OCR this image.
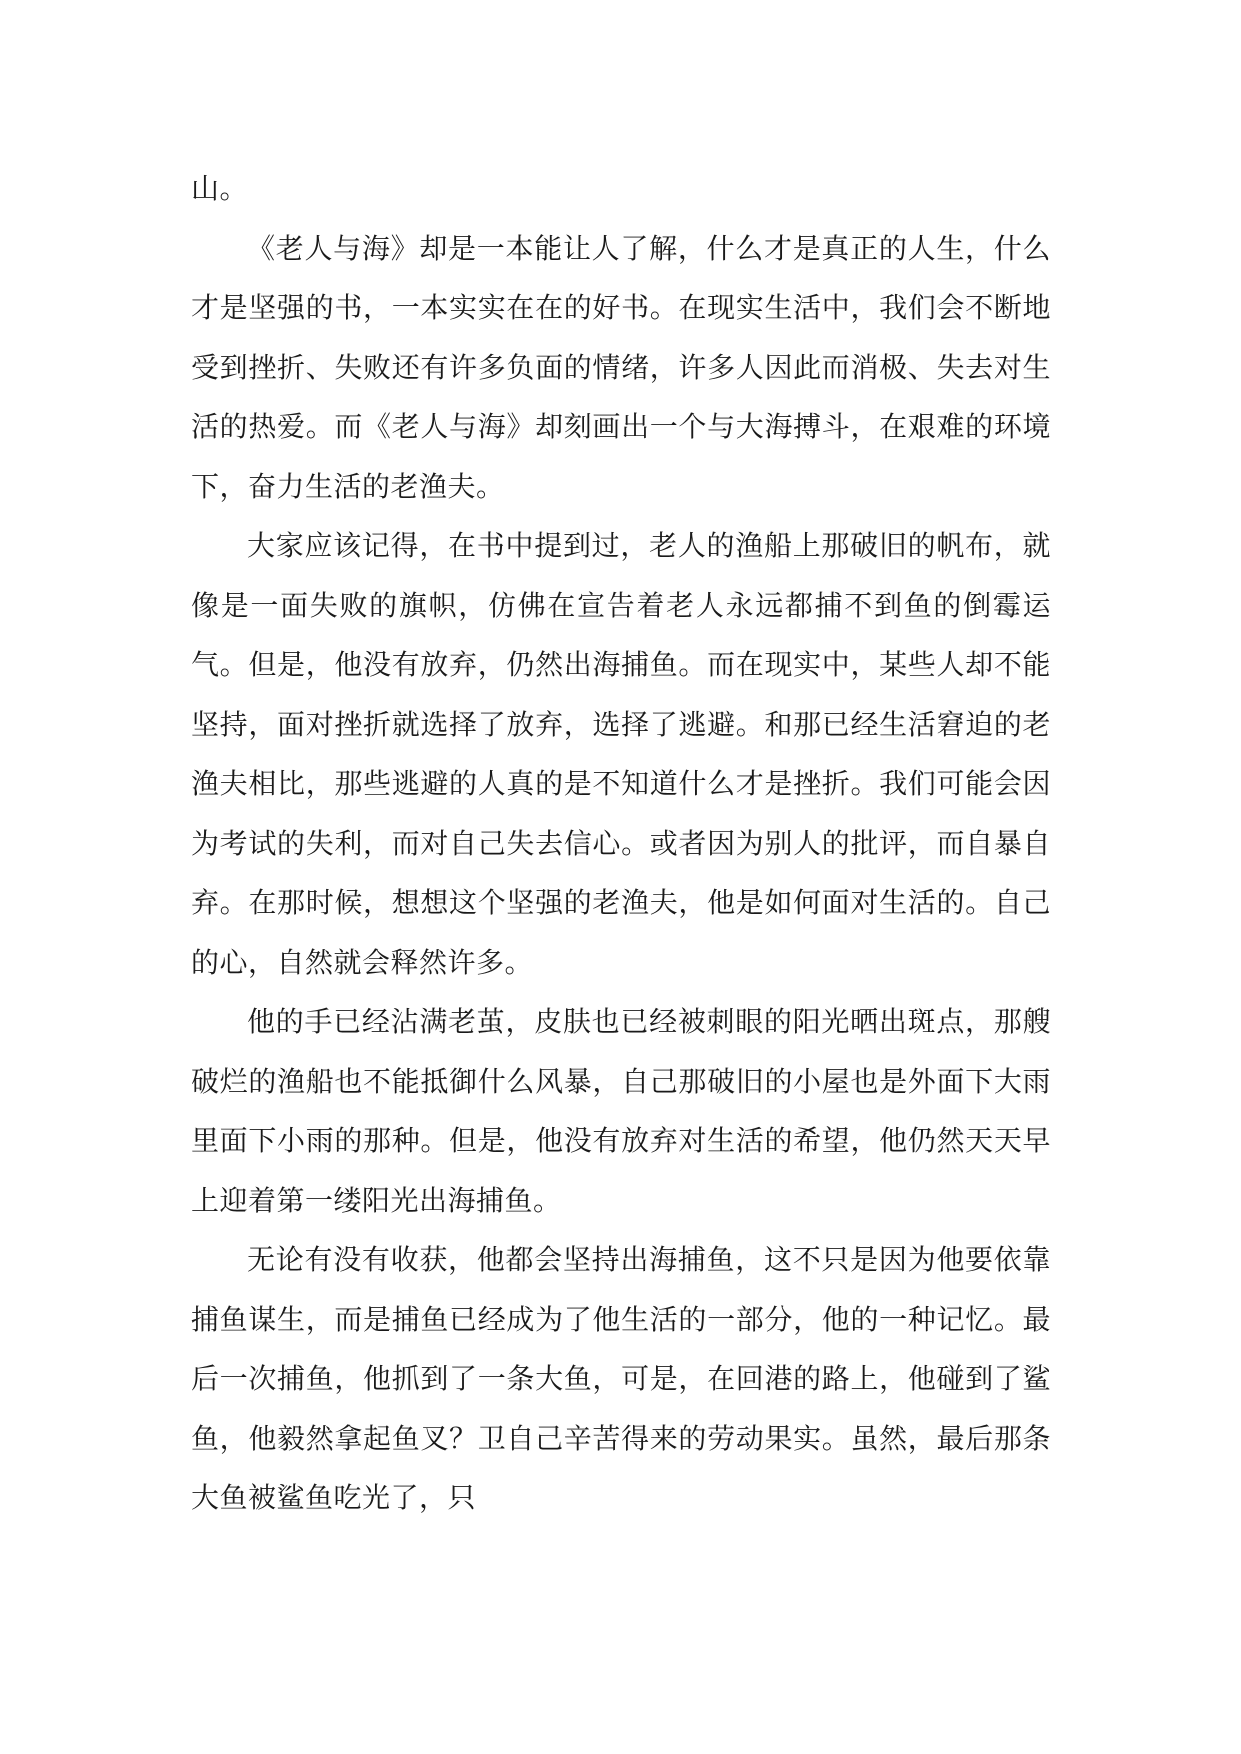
山。

《老人与海》却是一本能让人了解，什么才是真正的人生，什么才是坚强的书，一本实实在在的好书。在现实生活中，我们会不断地受到挫折、失败还有许多负面的情绪，许多人因此而消极、失去对生活的热爱。而《老人与海》却刻画出一个与大海搏斗，在艰难的环境下，奋力生活的老渔夫。

大家应该记得，在书中提到过，老人的渔船上那破旧的帆布，就像是一面失败的旗帜，仿佛在宣告着老人永远都捕不到鱼的倒霉运气。但是，他没有放弃，仍然出海捕鱼。而在现实中，某些人却不能坚持，面对挫折就选择了放弃，选择了逃避。和那已经生活窘迫的老渔夫相比，那些逃避的人真的是不知道什么才是挫折。我们可能会因为考试的失利，而对自己失去信心。或者因为别人的批评，而自暴自弃。在那时候，想想这个坚强的老渔夫，他是如何面对生活的。自己的心，自然就会释然许多。

他的手已经沾满老茧，皮肤也已经被刺眼的阳光晒出斑点，那艘破烂的渔船也不能抵御什么风暴，自己那破旧的小屋也是外面下大雨里面下小雨的那种。但是，他没有放弃对生活的希望，他仍然天天早上迎着第一缕阳光出海捕鱼。

无论有没有收获，他都会坚持出海捕鱼，这不只是因为他要依靠捕鱼谋生，而是捕鱼已经成为了他生活的一部分，他的一种记忆。最后一次捕鱼，他抓到了一条大鱼，可是，在回港的路上，他碰到了鲨鱼，他毅然拿起鱼叉？卫自己辛苦得来的劳动果实。虽然，最后那条大鱼被鲨鱼吃光了，只
